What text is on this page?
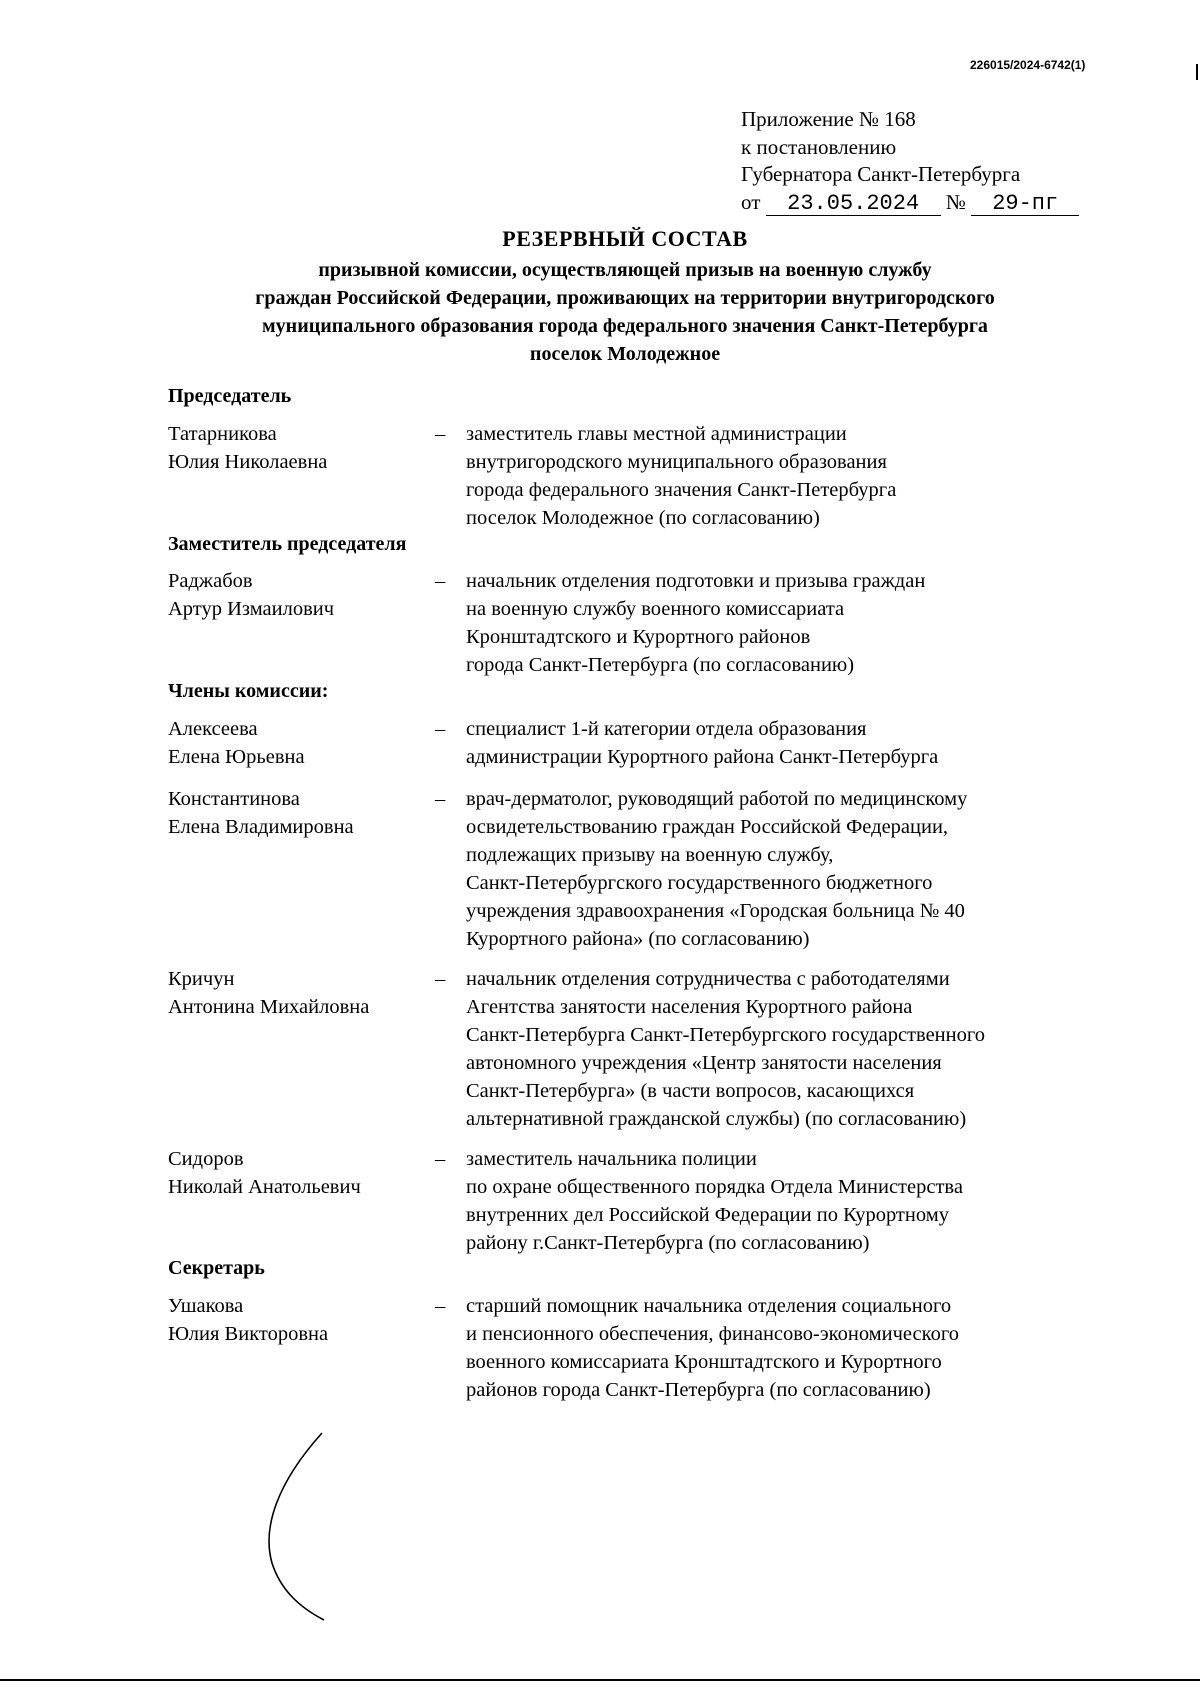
226015/2024-6742(1)
Приложение № 168
к постановлению
Губернатора Санкт-Петербурга
от 23.05.2024 № 29-пг
РЕЗЕРВНЫЙ СОСТАВ
призывной комиссии, осуществляющей призыв на военную службу
граждан Российской Федерации, проживающих на территории внутригородского
муниципального образования города федерального значения Санкт-Петербурга
поселок Молодежное
Председатель
Татарникова
Юлия Николаевна
– заместитель главы местной администрации
внутригородского муниципального образования
города федерального значения Санкт-Петербурга
поселок Молодежное (по согласованию)
Заместитель председателя
Раджабов
Артур Измаилович
– начальник отделения подготовки и призыва граждан
на военную службу военного комиссариата
Кронштадтского и Курортного районов
города Санкт-Петербурга (по согласованию)
Члены комиссии:
Алексеева
Елена Юрьевна
– специалист 1-й категории отдела образования
администрации Курортного района Санкт-Петербурга
Константинова
Елена Владимировна
– врач-дерматолог, руководящий работой по медицинскому
освидетельствованию граждан Российской Федерации,
подлежащих призыву на военную службу,
Санкт-Петербургского государственного бюджетного
учреждения здравоохранения «Городская больница № 40
Курортного района» (по согласованию)
Кричун
Антонина Михайловна
– начальник отделения сотрудничества с работодателями
Агентства занятости населения Курортного района
Санкт-Петербурга Санкт-Петербургского государственного
автономного учреждения «Центр занятости населения
Санкт-Петербурга» (в части вопросов, касающихся
альтернативной гражданской службы) (по согласованию)
Сидоров
Николай Анатольевич
– заместитель начальника полиции
по охране общественного порядка Отдела Министерства
внутренних дел Российской Федерации по Курортному
району г.Санкт-Петербурга (по согласованию)
Секретарь
Ушакова
Юлия Викторовна
– старший помощник начальника отделения социального
и пенсионного обеспечения, финансово-экономического
военного комиссариата Кронштадтского и Курортного
районов города Санкт-Петербурга (по согласованию)
